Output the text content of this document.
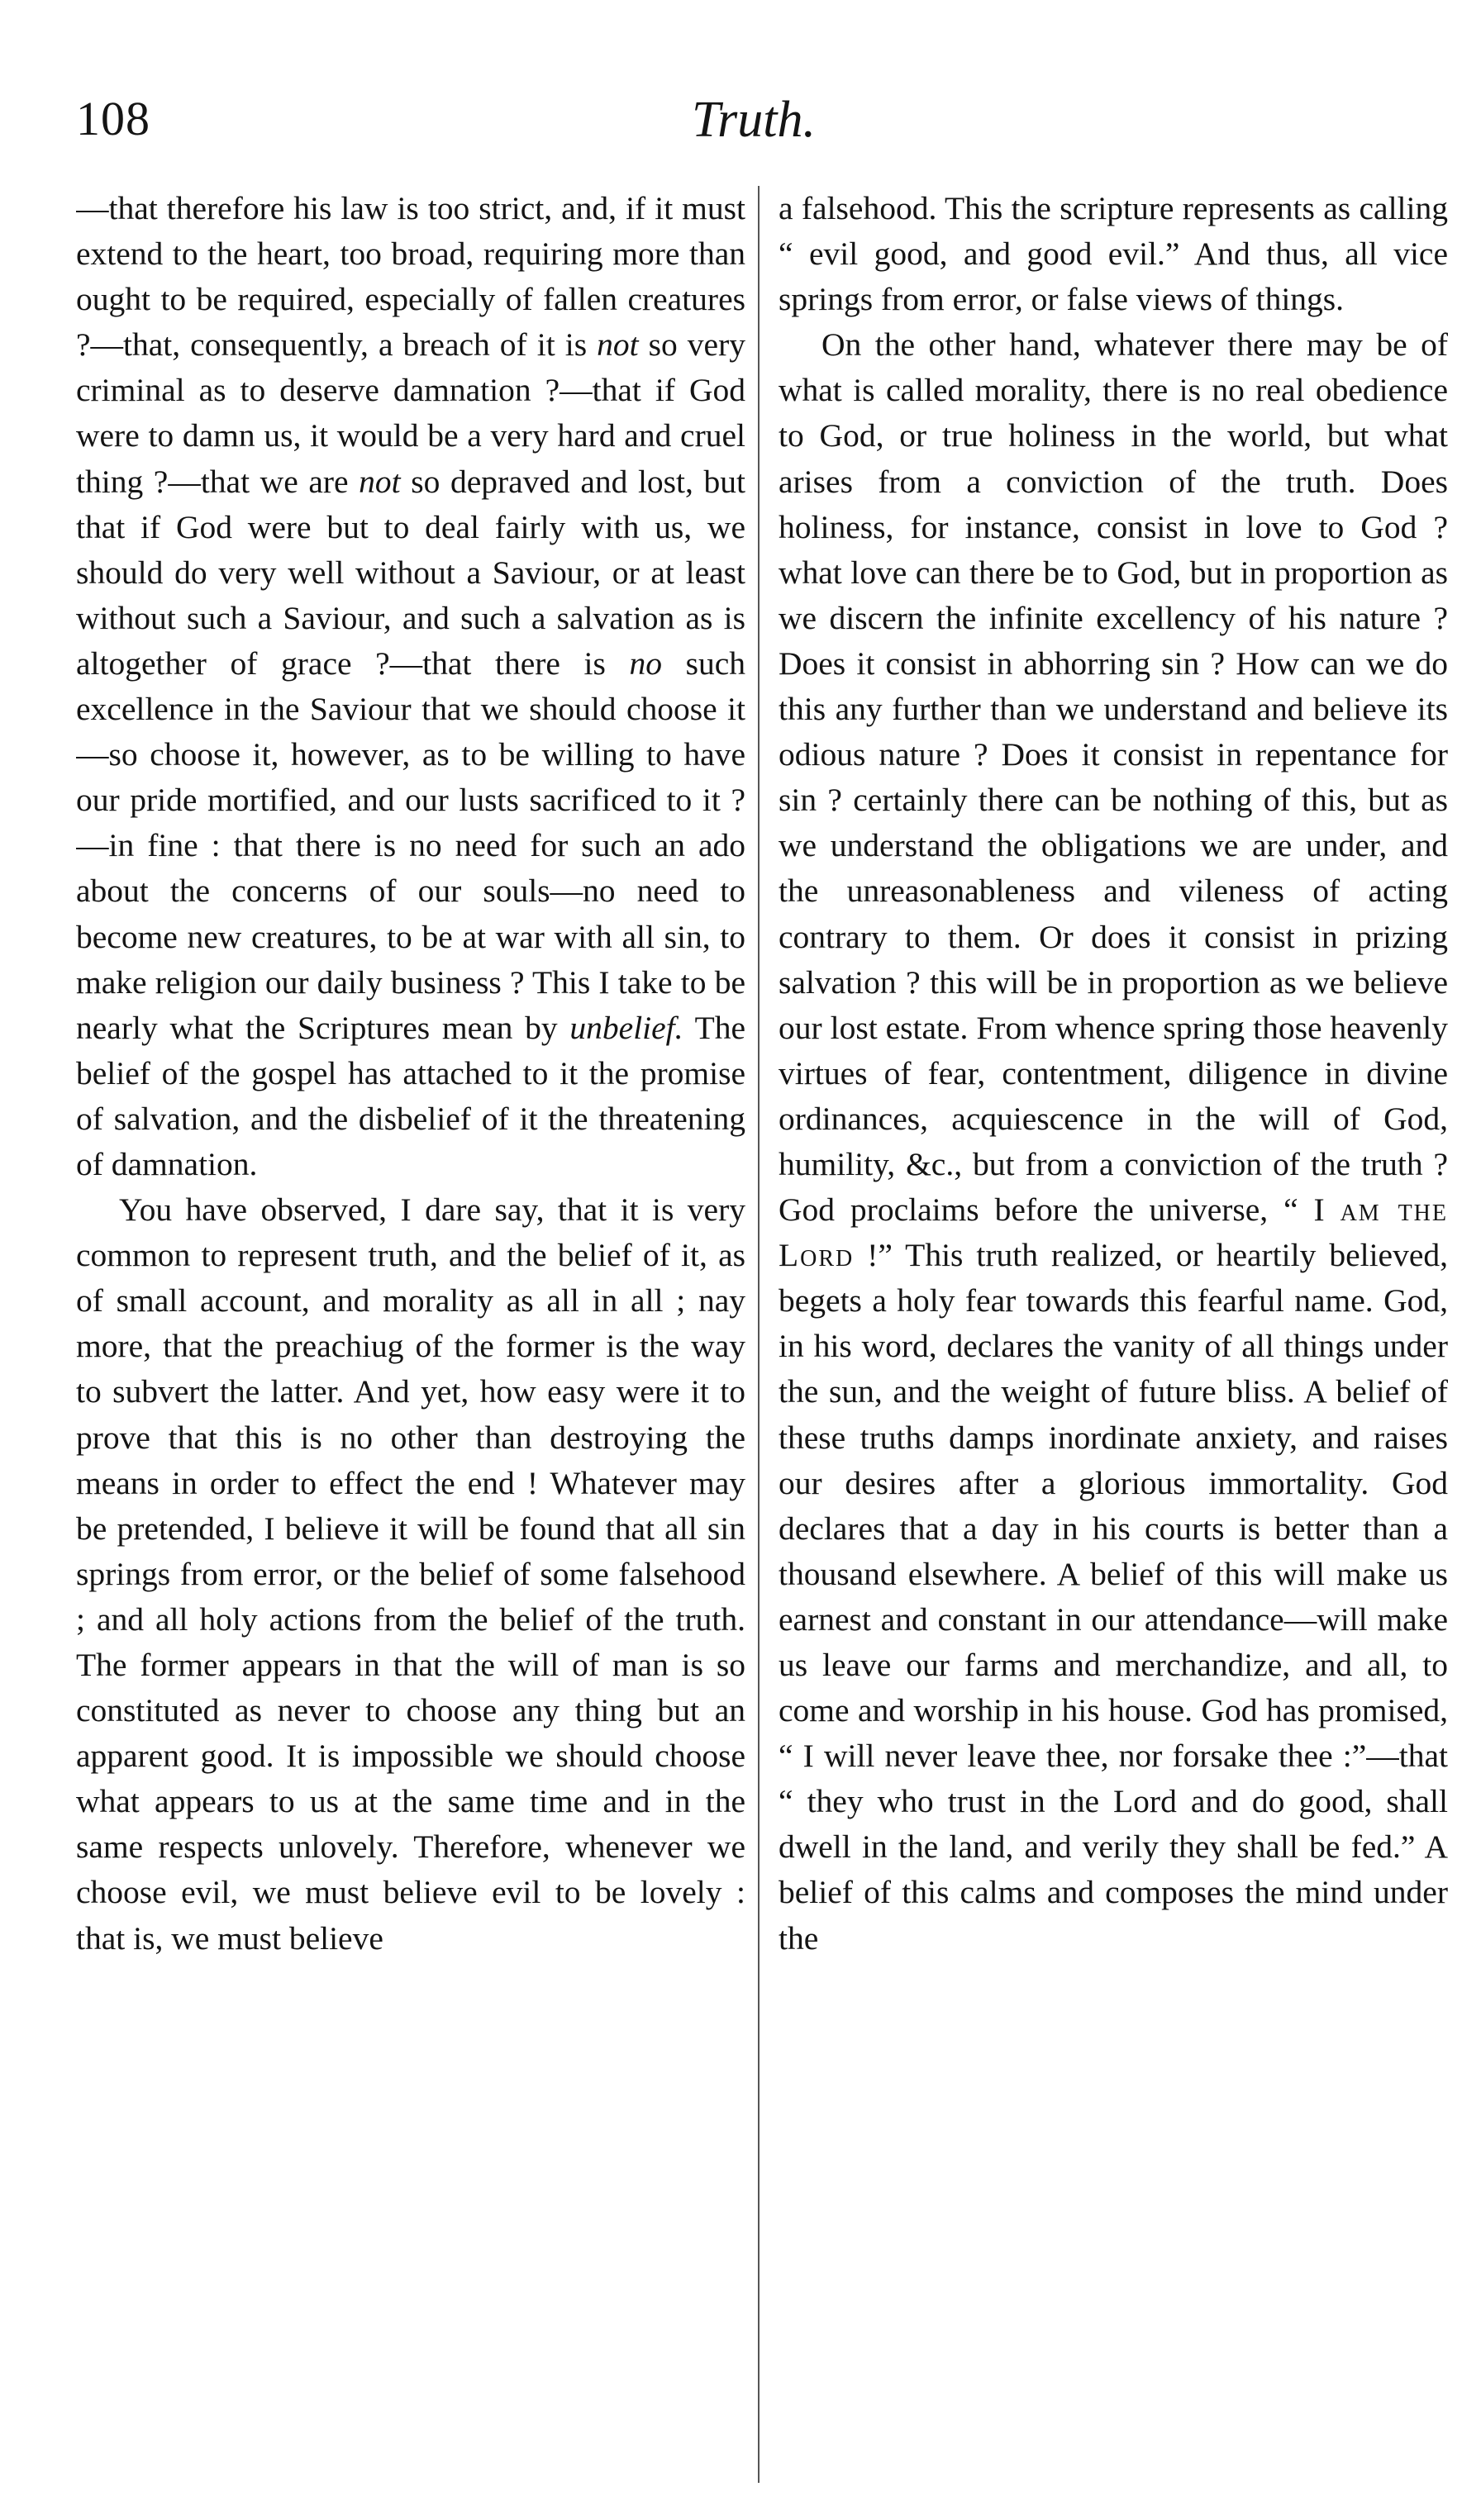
108	Truth.

—that therefore his law is too strict, and, if it must extend to the heart, too broad, requiring more than ought to be required, especially of fallen creatures ?—that, consequently, a breach of it is not so very criminal as to deserve damnation ?—that if God were to damn us, it would be a very hard and cruel thing ?—that we are not so depraved and lost, but that if God were but to deal fairly with us, we should do very well without a Saviour, or at least without such a Saviour, and such a salvation as is altogether of grace ?—that there is no such excellence in the Saviour that we should choose it—so choose it, however, as to be willing to have our pride mortified, and our lusts sacrificed to it ?—in fine : that there is no need for such an ado about the concerns of our souls—no need to become new creatures, to be at war with all sin, to make religion our daily business ? This I take to be nearly what the Scriptures mean by unbelief. The belief of the gospel has attached to it the promise of salvation, and the disbelief of it the threatening of damnation.

You have observed, I dare say, that it is very common to represent truth, and the belief of it, as of small account, and morality as all in all ; nay more, that the preachiug of the former is the way to subvert the latter. And yet, how easy were it to prove that this is no other than destroying the means in order to effect the end ! Whatever may be pretended, I believe it will be found that all sin springs from error, or the belief of some falsehood ; and all holy actions from the belief of the truth. The former appears in that the will of man is so constituted as never to choose any thing but an apparent good. It is impossible we should choose what appears to us at the same time and in the same respects unlovely. Therefore, whenever we choose evil, we must believe evil to be lovely : that is, we must believe

a falsehood. This the scripture represents as calling “ evil good, and good evil.” And thus, all vice springs from error, or false views of things.

On the other hand, whatever there may be of what is called morality, there is no real obedience to God, or true holiness in the world, but what arises from a conviction of the truth. Does holiness, for instance, consist in love to God ? what love can there be to God, but in proportion as we discern the infinite excellency of his nature ? Does it consist in abhorring sin ? How can we do this any further than we understand and believe its odious nature ? Does it consist in repentance for sin ? certainly there can be nothing of this, but as we understand the obligations we are under, and the unreasonableness and vileness of acting contrary to them. Or does it consist in prizing salvation ? this will be in proportion as we believe our lost estate. From whence spring those heavenly virtues of fear, contentment, diligence in divine ordinances, acquiescence in the will of God, humility, &c., but from a conviction of the truth ? God proclaims before the universe, “ I am the Lord !” This truth realized, or heartily believed, begets a holy fear towards this fearful name. God, in his word, declares the vanity of all things under the sun, and the weight of future bliss. A belief of these truths damps inordinate anxiety, and raises our desires after a glorious immortality. God declares that a day in his courts is better than a thousand elsewhere. A belief of this will make us earnest and constant in our attendance—will make us leave our farms and merchandize, and all, to come and worship in his house. God has promised, “ I will never leave thee, nor forsake thee :”—that “ they who trust in the Lord and do good, shall dwell in the land, and verily they shall be fed.” A belief of this calms and composes the mind under the
